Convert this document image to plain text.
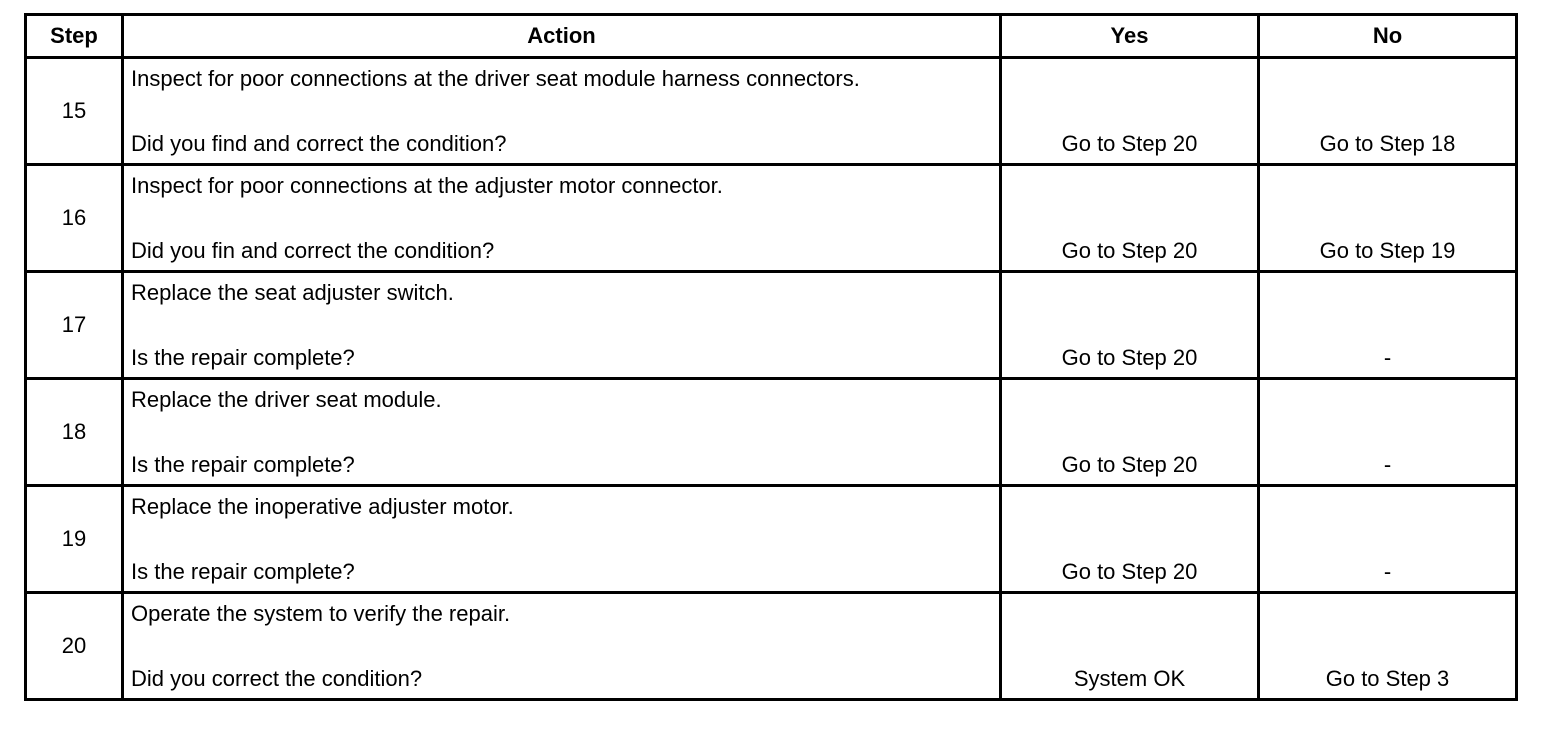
Step	Action	Yes	No
15	Inspect for poor connections at the driver seat module harness connectors.
Did you find and correct the condition?	Go to Step 20	Go to Step 18

16	Inspect for poor connections at the adjuster motor connector.
Did you fin and correct the condition?	Go to Step 20	Go to Step 19

17	Replace the seat adjuster switch.
Is the repair complete?	Go to Step 20	-

18	Replace the driver seat module.
Is the repair complete?	Go to Step 20	-

19	Replace the inoperative adjuster motor.
Is the repair complete?	Go to Step 20	-

20	Operate the system to verify the repair.
Did you correct the condition?	System OK	Go to Step 3
